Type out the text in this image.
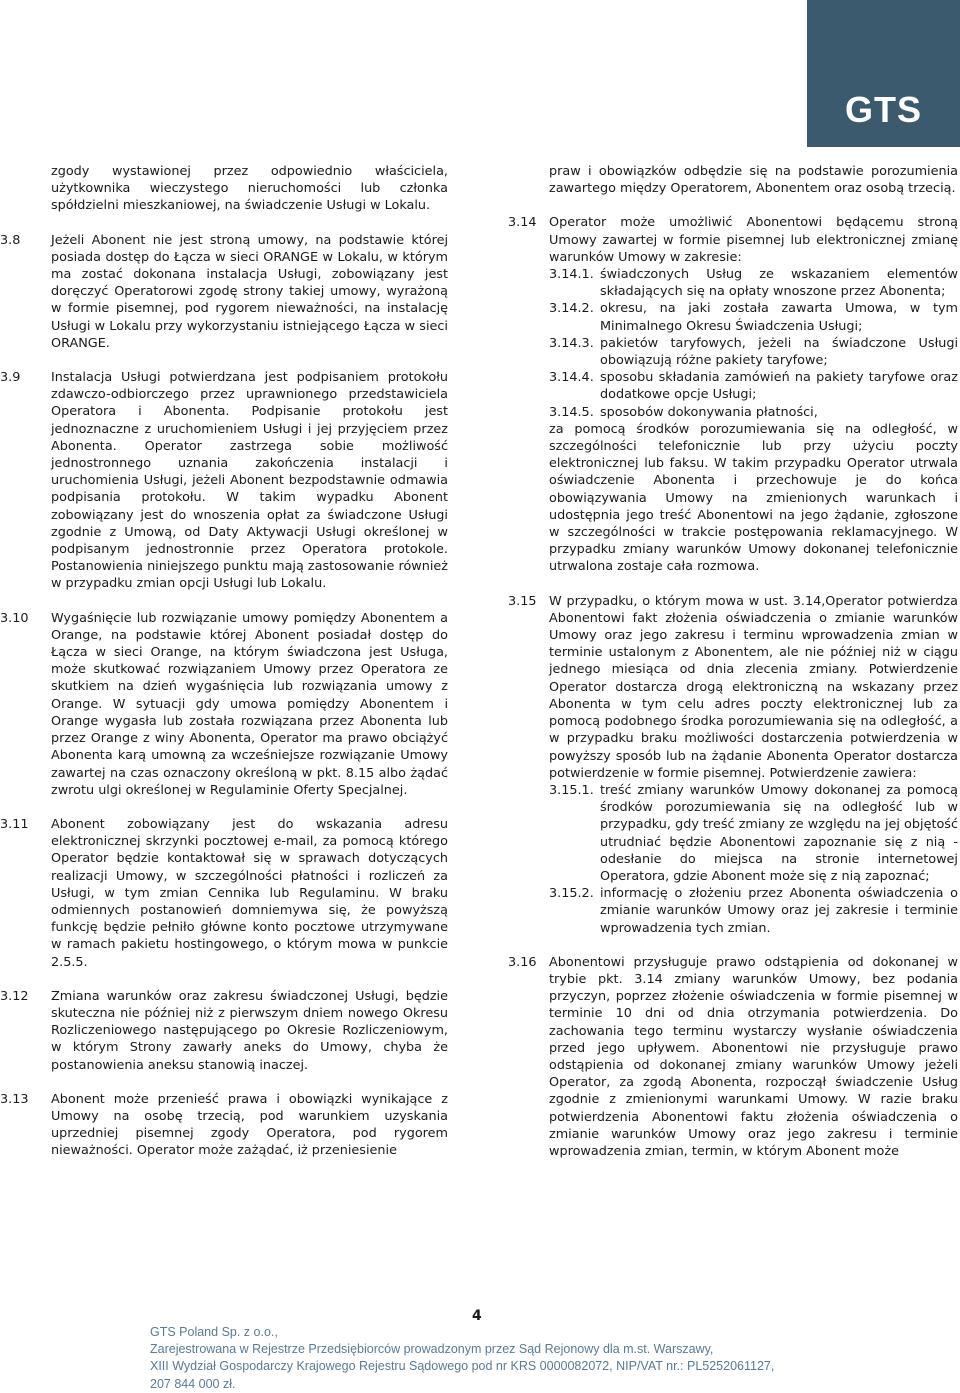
GTS
zgody wystawionej przez odpowiednio właściciela, użytkownika wieczystego nieruchomości lub członka spółdzielni mieszkaniowej, na świadczenie Usługi w Lokalu.
3.8 Jeżeli Abonent nie jest stroną umowy, na podstawie której posiada dostęp do Łącza w sieci ORANGE w Lokalu, w którym ma zostać dokonana instalacja Usługi, zobowiązany jest doręczyć Operatorowi zgodę strony takiej umowy, wyrażoną w formie pisemnej, pod rygorem nieważności, na instalację Usługi w Lokalu przy wykorzystaniu istniejącego Łącza w sieci ORANGE.
3.9 Instalacja Usługi potwierdzana jest podpisaniem protokołu zdawczo-odbiorczego przez uprawnionego przedstawiciela Operatora i Abonenta. Podpisanie protokołu jest jednoznaczne z uruchomieniem Usługi i jej przyjęciem przez Abonenta. Operator zastrzega sobie możliwość jednostronnego uznania zakończenia instalacji i uruchomienia Usługi, jeżeli Abonent bezpodstawnie odmawia podpisania protokołu. W takim wypadku Abonent zobowiązany jest do wnoszenia opłat za świadczone Usługi zgodnie z Umową, od Daty Aktywacji Usługi określonej w podpisanym jednostronnie przez Operatora protokole. Postanowienia niniejszego punktu mają zastosowanie również w przypadku zmian opcji Usługi lub Lokalu.
3.10 Wygaśnięcie lub rozwiązanie umowy pomiędzy Abonentem a Orange, na podstawie której Abonent posiadał dostęp do Łącza w sieci Orange, na którym świadczona jest Usługa, może skutkować rozwiązaniem Umowy przez Operatora ze skutkiem na dzień wygaśnięcia lub rozwiązania umowy z Orange. W sytuacji gdy umowa pomiędzy Abonentem i Orange wygasła lub została rozwiązana przez Abonenta lub przez Orange z winy Abonenta, Operator ma prawo obciążyć Abonenta karą umowną za wcześniejsze rozwiązanie Umowy zawartej na czas oznaczony określoną w pkt. 8.15 albo żądać zwrotu ulgi określonej w Regulaminie Oferty Specjalnej.
3.11 Abonent zobowiązany jest do wskazania adresu elektronicznej skrzynki pocztowej e-mail, za pomocą którego Operator będzie kontaktował się w sprawach dotyczących realizacji Umowy, w szczególności płatności i rozliczeń za Usługi, w tym zmian Cennika lub Regulaminu. W braku odmiennych postanowień domniemywa się, że powyższą funkcję będzie pełniło główne konto pocztowe utrzymywane w ramach pakietu hostingowego, o którym mowa w punkcie 2.5.5.
3.12 Zmiana warunków oraz zakresu świadczonej Usługi, będzie skuteczna nie później niż z pierwszym dniem nowego Okresu Rozliczeniowego następującego po Okresie Rozliczeniowym, w którym Strony zawarły aneks do Umowy, chyba że postanowienia aneksu stanowią inaczej.
3.13 Abonent może przenieść prawa i obowiązki wynikające z Umowy na osobę trzecią, pod warunkiem uzyskania uprzedniej pisemnej zgody Operatora, pod rygorem nieważności. Operator może zażądać, iż przeniesienie
praw i obowiązków odbędzie się na podstawie porozumienia zawartego między Operatorem, Abonentem oraz osobą trzecią.
3.14 Operator może umożliwić Abonentowi będącemu stroną Umowy zawartej w formie pisemnej lub elektronicznej zmianę warunków Umowy w zakresie:
3.14.1. świadczonych Usług ze wskazaniem elementów składających się na opłaty wnoszone przez Abonenta;
3.14.2. okresu, na jaki została zawarta Umowa, w tym Minimalnego Okresu Świadczenia Usługi;
3.14.3. pakietów taryfowych, jeżeli na świadczone Usługi obowiązują różne pakiety taryfowe;
3.14.4. sposobu składania zamówień na pakiety taryfowe oraz dodatkowe opcje Usługi;
3.14.5. sposobów dokonywania płatności,
za pomocą środków porozumiewania się na odległość, w szczególności telefonicznie lub przy użyciu poczty elektronicznej lub faksu. W takim przypadku Operator utrwala oświadczenie Abonenta i przechowuje je do końca obowiązywania Umowy na zmienionych warunkach i udostępnia jego treść Abonentowi na jego żądanie, zgłoszone w szczególności w trakcie postępowania reklamacyjnego. W przypadku zmiany warunków Umowy dokonanej telefonicznie utrwalona zostaje cała rozmowa.
3.15 W przypadku, o którym mowa w ust. 3.14,Operator potwierdza Abonentowi fakt złożenia oświadczenia o zmianie warunków Umowy oraz jego zakresu i terminu wprowadzenia zmian w terminie ustalonym z Abonentem, ale nie później niż w ciągu jednego miesiąca od dnia zlecenia zmiany. Potwierdzenie Operator dostarcza drogą elektroniczną na wskazany przez Abonenta w tym celu adres poczty elektronicznej lub za pomocą podobnego środka porozumiewania się na odległość, a w przypadku braku możliwości dostarczenia potwierdzenia w powyższy sposób lub na żądanie Abonenta Operator dostarcza potwierdzenie w formie pisemnej. Potwierdzenie zawiera:
3.15.1. treść zmiany warunków Umowy dokonanej za pomocą środków porozumiewania się na odległość lub w przypadku, gdy treść zmiany ze względu na jej objętość utrudniać będzie Abonentowi zapoznanie się z nią - odesłanie do miejsca na stronie internetowej Operatora, gdzie Abonent może się z nią zapoznać;
3.15.2. informację o złożeniu przez Abonenta oświadczenia o zmianie warunków Umowy oraz jej zakresie i terminie wprowadzenia tych zmian.
3.16 Abonentowi przysługuje prawo odstąpienia od dokonanej w trybie pkt. 3.14 zmiany warunków Umowy, bez podania przyczyn, poprzez złożenie oświadczenia w formie pisemnej w terminie 10 dni od dnia otrzymania potwierdzenia. Do zachowania tego terminu wystarczy wysłanie oświadczenia przed jego upływem. Abonentowi nie przysługuje prawo odstąpienia od dokonanej zmiany warunków Umowy jeżeli Operator, za zgodą Abonenta, rozpoczął świadczenie Usług zgodnie z zmienionymi warunkami Umowy. W razie braku potwierdzenia Abonentowi faktu złożenia oświadczenia o zmianie warunków Umowy oraz jego zakresu i terminie wprowadzenia zmian, termin, w którym Abonent może
4
GTS Poland Sp. z o.o.,
Zarejestrowana w Rejestrze Przedsiębiorców prowadzonym przez Sąd Rejonowy dla m.st. Warszawy,
XIII Wydział Gospodarczy Krajowego Rejestru Sądowego pod nr KRS 0000082072, NIP/VAT nr.: PL5252061127,
207 844 000 zł.
